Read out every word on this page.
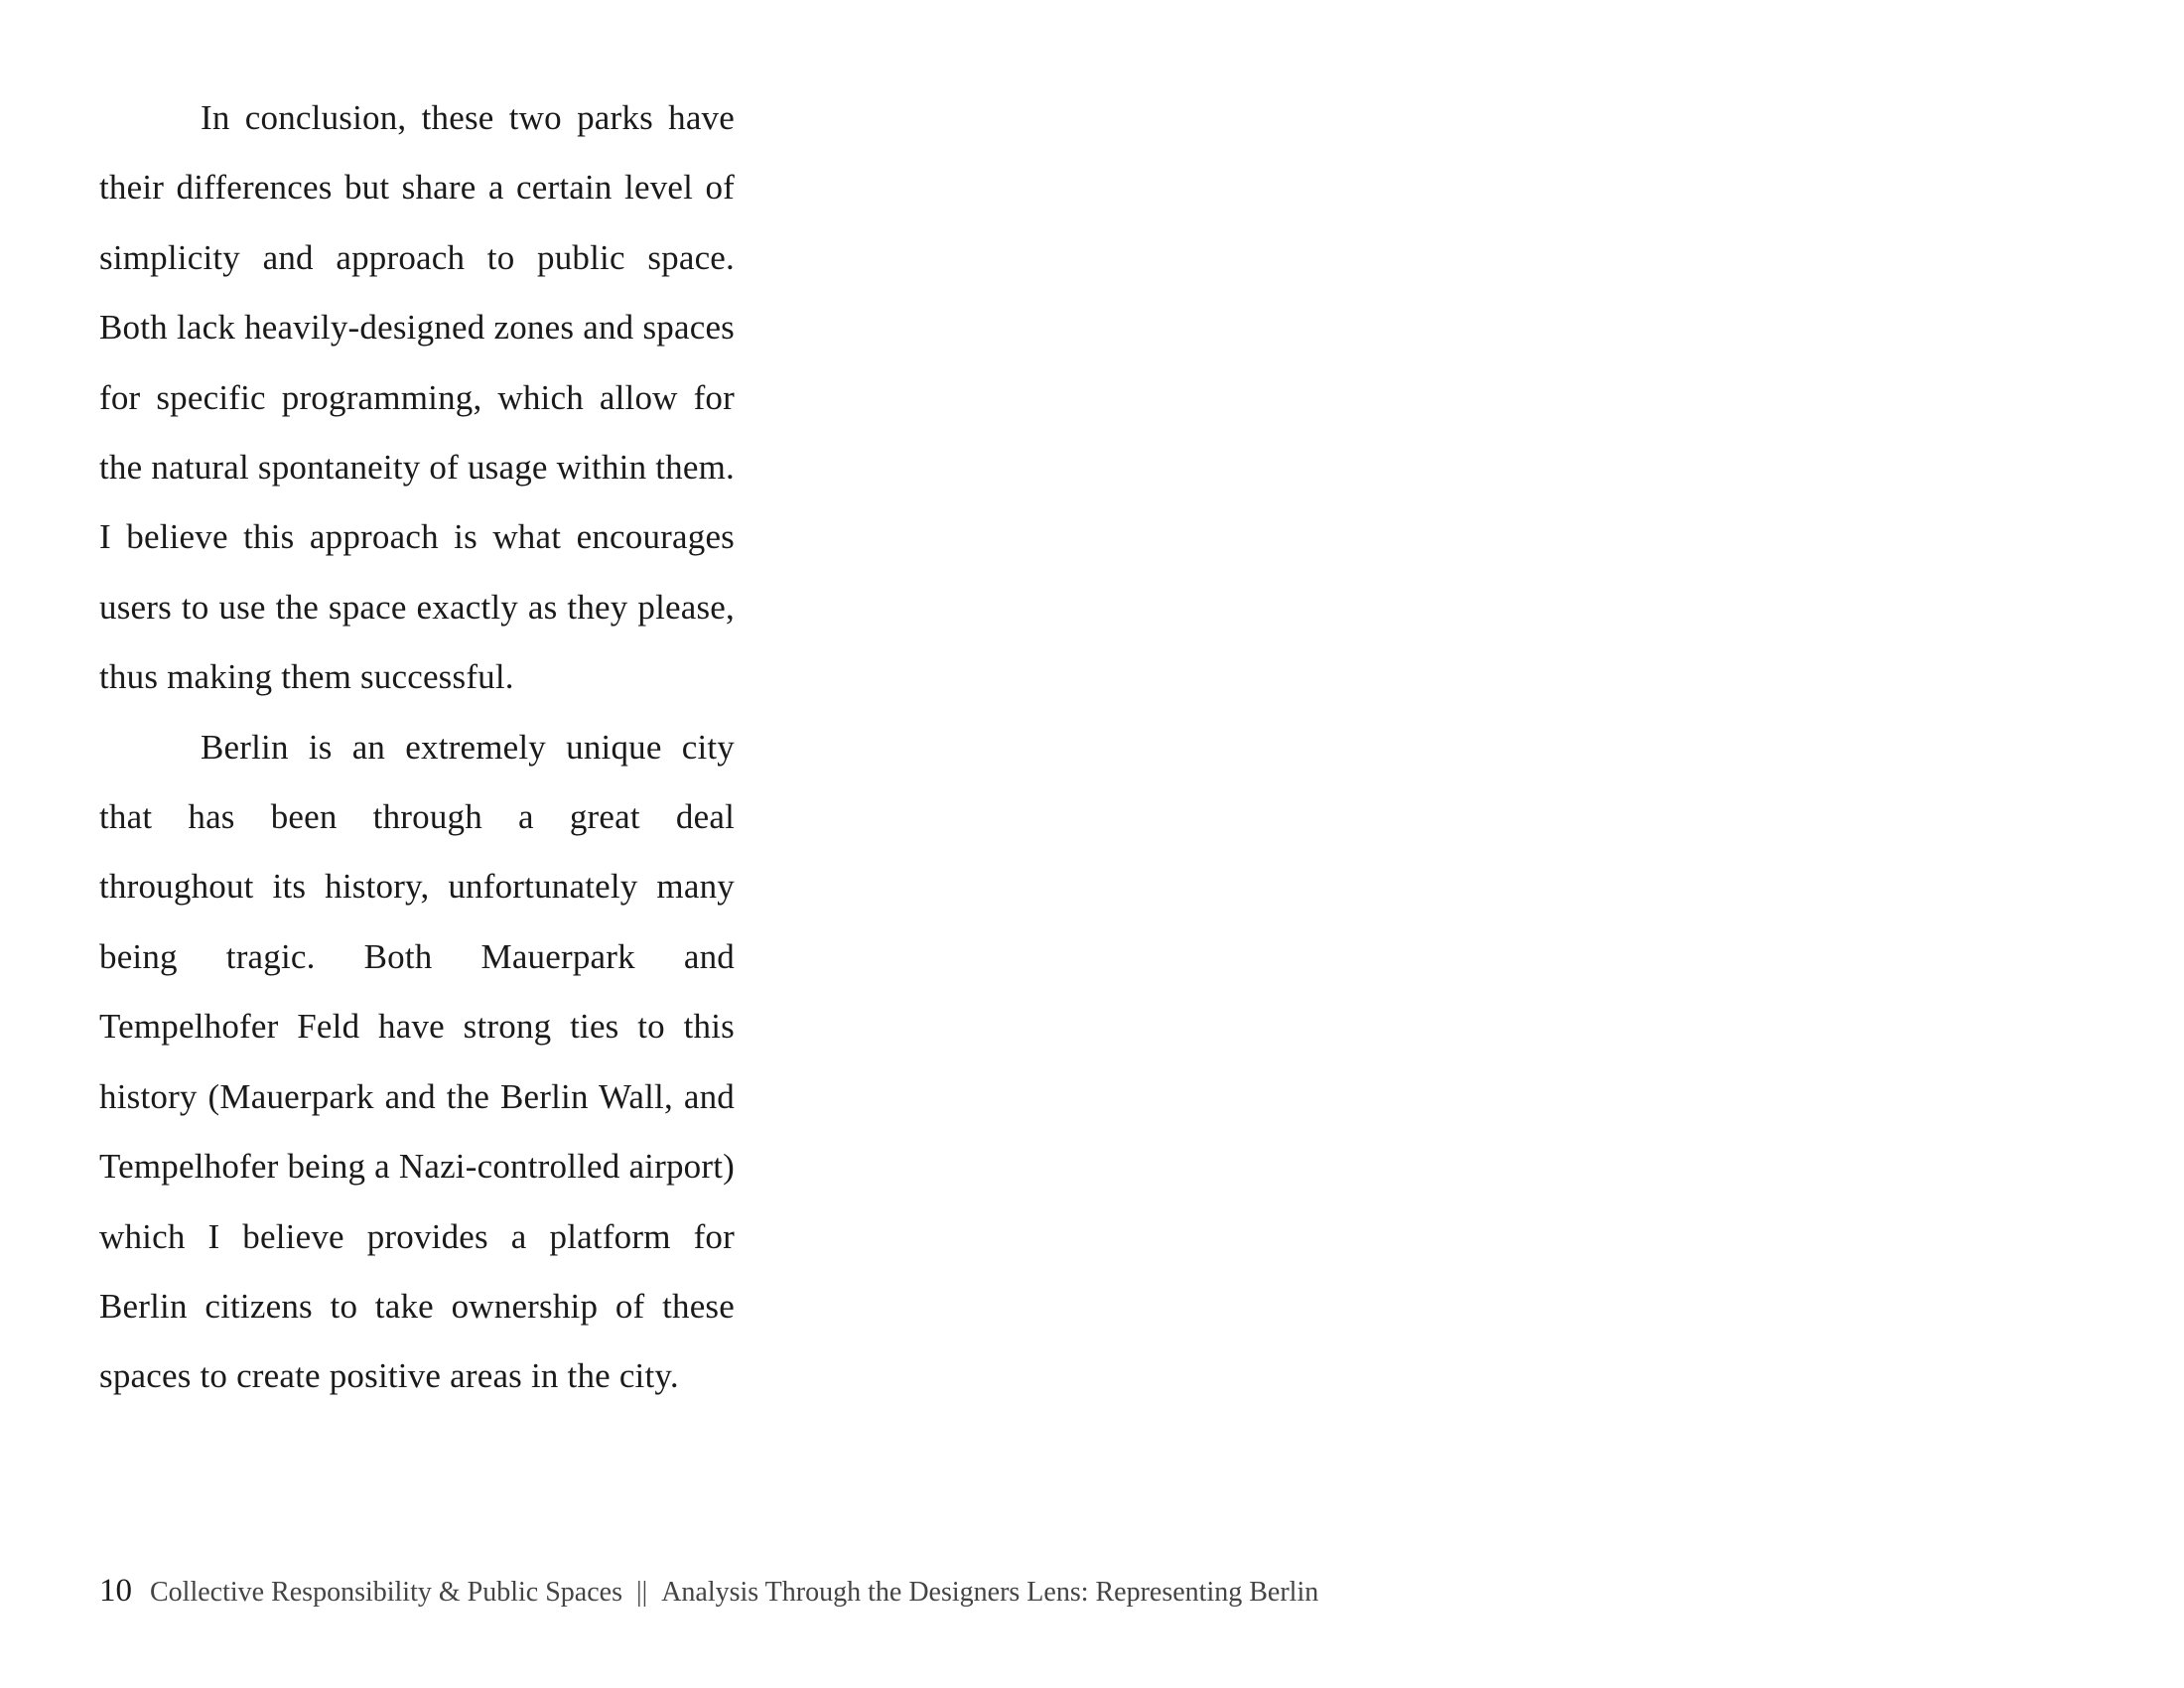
In conclusion, these two parks have their differences but share a certain level of simplicity and approach to public space. Both lack heavily-designed zones and spaces for specific programming, which allow for the natural spontaneity of usage within them. I believe this approach is what encourages users to use the space exactly as they please, thus making them successful.

Berlin is an extremely unique city that has been through a great deal throughout its history, unfortunately many being tragic. Both Mauerpark and Tempelhofer Feld have strong ties to this history (Mauerpark and the Berlin Wall, and Tempelhofer being a Nazi-controlled airport) which I believe provides a platform for Berlin citizens to take ownership of these spaces to create positive areas in the city.

10 Collective Responsibility & Public Spaces || Analysis Through the Designers Lens: Representing Berlin
